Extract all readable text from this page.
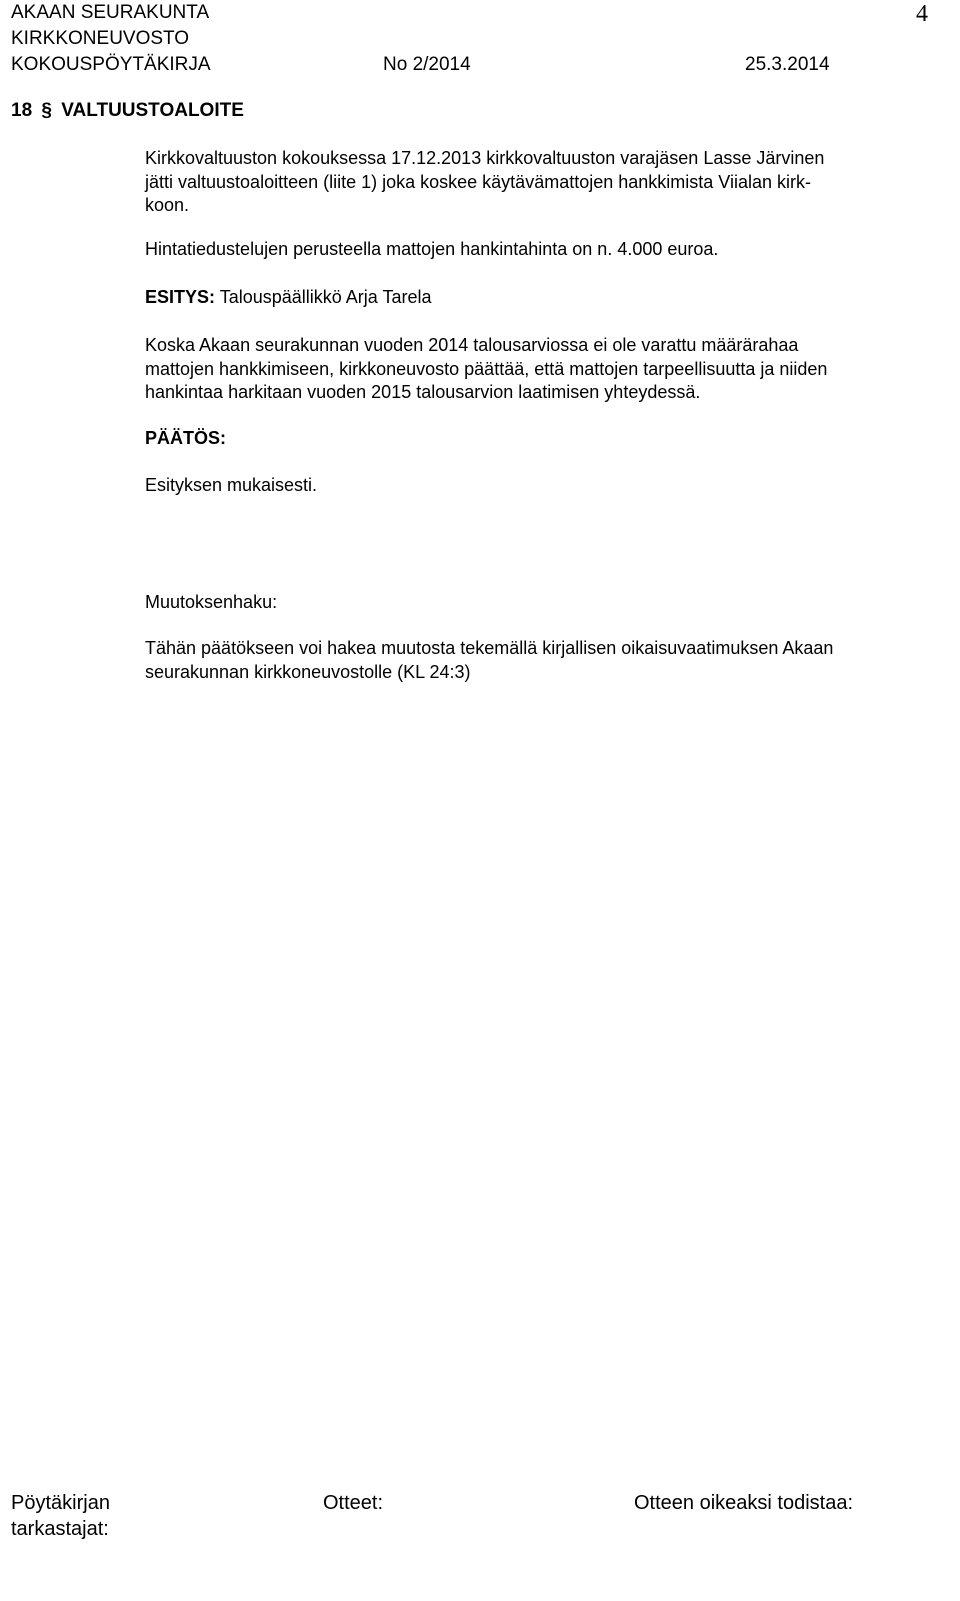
AKAAN SEURAKUNTA
KIRKKONEUVOSTO
KOKOUSPÖYTÄKIRJA	No 2/2014	25.3.2014
4
18 § VALTUUSTOALOITE

Kirkkovaltuuston kokouksessa 17.12.2013 kirkkovaltuuston varajäsen Lasse Järvinen

jätti valtuustoaloitteen (liite 1) joka koskee käytävämattojen hankkimista Viialan kirk-

koon.

Hintatiedustelujen perusteella mattojen hankintahinta on n. 4.000 euroa.

ESITYS: Talouspäällikkö Arja Tarela

Koska Akaan seurakunnan vuoden 2014 talousarviossa ei ole varattu määrärahaa

mattojen hankkimiseen, kirkkoneuvosto päättää, että mattojen tarpeellisuutta ja niiden

hankintaa harkitaan vuoden 2015 talousarvion laatimisen yhteydessä.

PÄÄTÖS:
Esityksen mukaisesti.
Muutoksenhaku:

Tähän päätökseen voi hakea muutosta tekemällä kirjallisen oikaisuvaatimuksen Akaan

seurakunnan kirkkoneuvostolle (KL 24:3)

Pöytäkirjan
tarkastajat:
Otteet:	Otteen oikeaksi todistaa:
